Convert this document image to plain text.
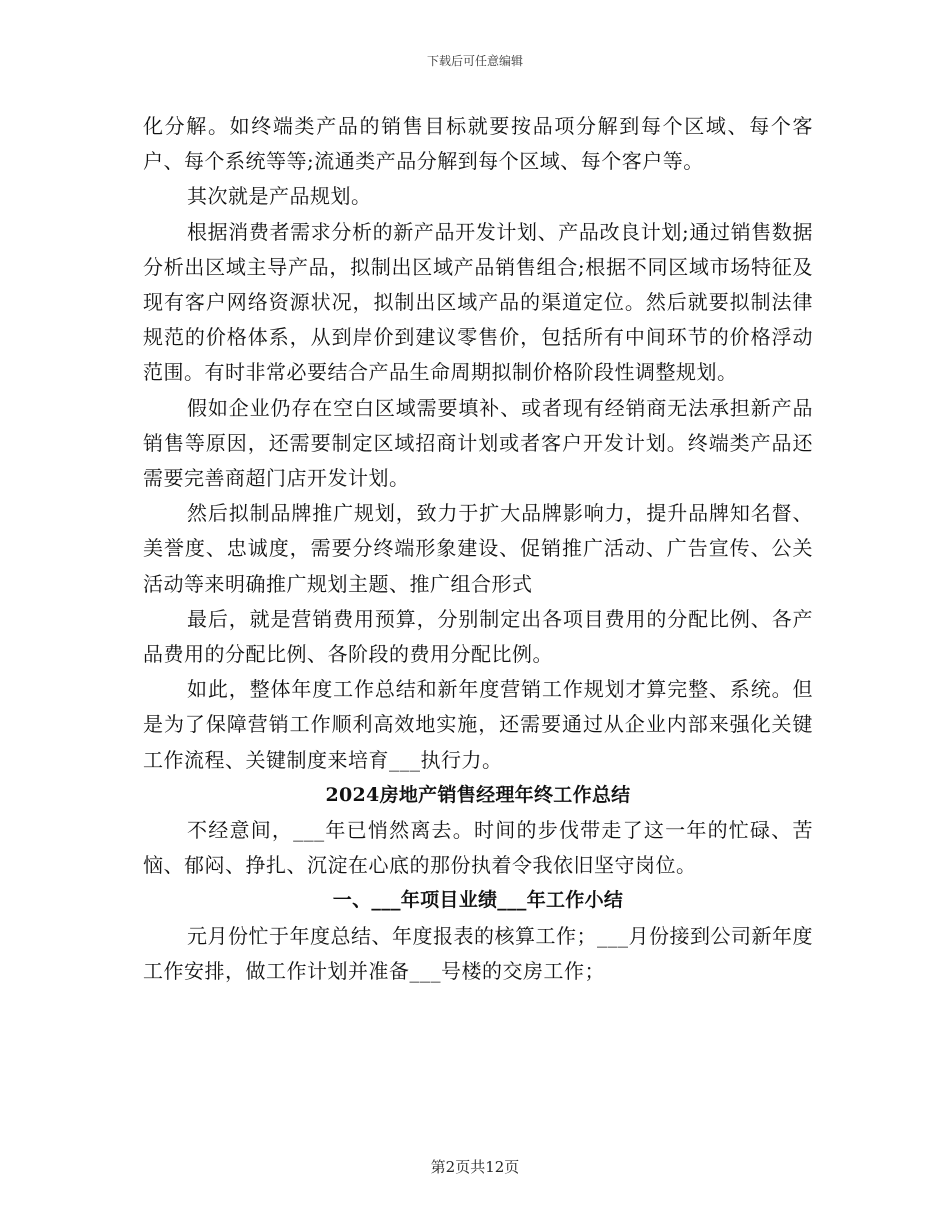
下载后可任意编辑

化分解。如终端类产品的销售目标就要按品项分解到每个区域、每个客户、每个系统等等;流通类产品分解到每个区域、每个客户等。

其次就是产品规划。

根据消费者需求分析的新产品开发计划、产品改良计划;通过销售数据分析出区域主导产品，拟制出区域产品销售组合;根据不同区域市场特征及现有客户网络资源状况，拟制出区域产品的渠道定位。然后就要拟制法律规范的价格体系，从到岸价到建议零售价，包括所有中间环节的价格浮动范围。有时非常必要结合产品生命周期拟制价格阶段性调整规划。

假如企业仍存在空白区域需要填补、或者现有经销商无法承担新产品销售等原因，还需要制定区域招商计划或者客户开发计划。终端类产品还需要完善商超门店开发计划。

然后拟制品牌推广规划，致力于扩大品牌影响力，提升品牌知名督、美誉度、忠诚度，需要分终端形象建设、促销推广活动、广告宣传、公关活动等来明确推广规划主题、推广组合形式

最后，就是营销费用预算，分别制定出各项目费用的分配比例、各产品费用的分配比例、各阶段的费用分配比例。

如此，整体年度工作总结和新年度营销工作规划才算完整、系统。但是为了保障营销工作顺利高效地实施，还需要通过从企业内部来强化关键工作流程、关键制度来培育___执行力。

2024房地产销售经理年终工作总结

不经意间，___年已悄然离去。时间的步伐带走了这一年的忙碌、苦恼、郁闷、挣扎、沉淀在心底的那份执着令我依旧坚守岗位。

一、___年项目业绩___年工作小结

元月份忙于年度总结、年度报表的核算工作；___月份接到公司新年度工作安排，做工作计划并准备___号楼的交房工作；

第2页共12页
